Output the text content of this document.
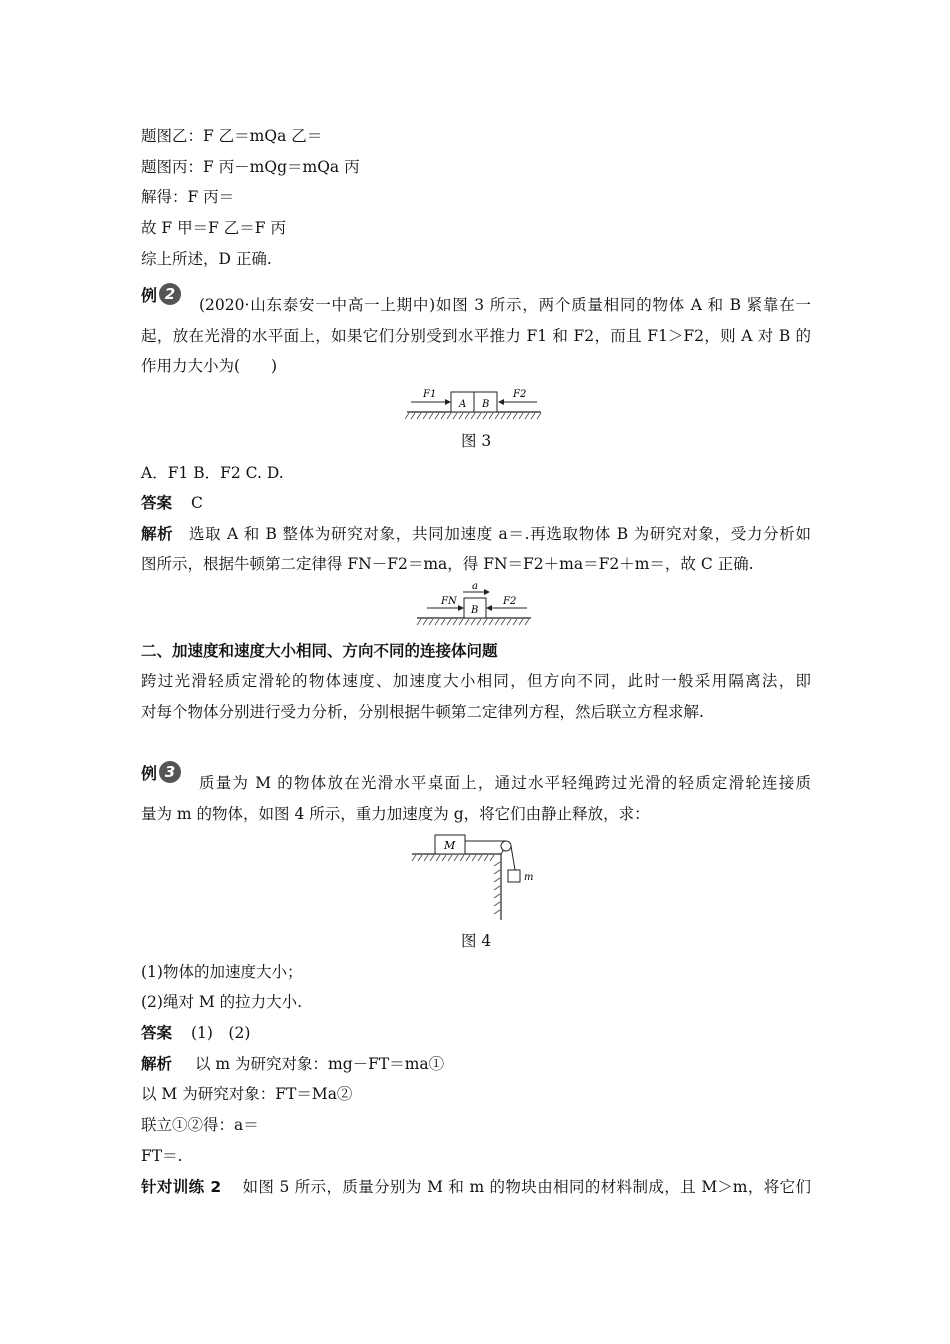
题图乙：F 乙＝mQa 乙＝
题图丙：F 丙－mQg＝mQa 丙
解得：F 丙＝
故 F 甲＝F 乙＝F 丙
综上所述，D 正确.
例 2
(2020·山东泰安一中高一上期中)如图 3 所示，两个质量相同的物体 A 和 B 紧靠在一
起，放在光滑的水平面上，如果它们分别受到水平推力 F1 和 F2，而且 F1＞F2，则 A 对 B 的
作用力大小为(　　)
F1
A B
F2
图 3
A．F1 B．F2 C. D.
答案 C
解析 选取 A 和 B 整体为研究对象，共同加速度 a＝.再选取物体 B 为研究对象，受力分析如
图所示，根据牛顿第二定律得 FN－F2＝ma，得 FN＝F2＋ma＝F2＋m＝，故 C 正确.
a
FN
B
F2
二、加速度和速度大小相同、方向不同的连接体问题
跨过光滑轻质定滑轮的物体速度、加速度大小相同，但方向不同，此时一般采用隔离法，即
对每个物体分别进行受力分析，分别根据牛顿第二定律列方程，然后联立方程求解.
例 3
质量为 M 的物体放在光滑水平桌面上，通过水平轻绳跨过光滑的轻质定滑轮连接质
量为 m 的物体，如图 4 所示，重力加速度为 g，将它们由静止释放，求：
M
m
图 4
(1)物体的加速度大小；
(2)绳对 M 的拉力大小.
答案 (1)　(2)
解析 以 m 为研究对象：mg－FT＝ma①
以 M 为研究对象：FT＝Ma②
联立①②得：a＝
FT＝.
针对训练 2 如图 5 所示，质量分别为 M 和 m 的物块由相同的材料制成，且 M＞m，将它们
